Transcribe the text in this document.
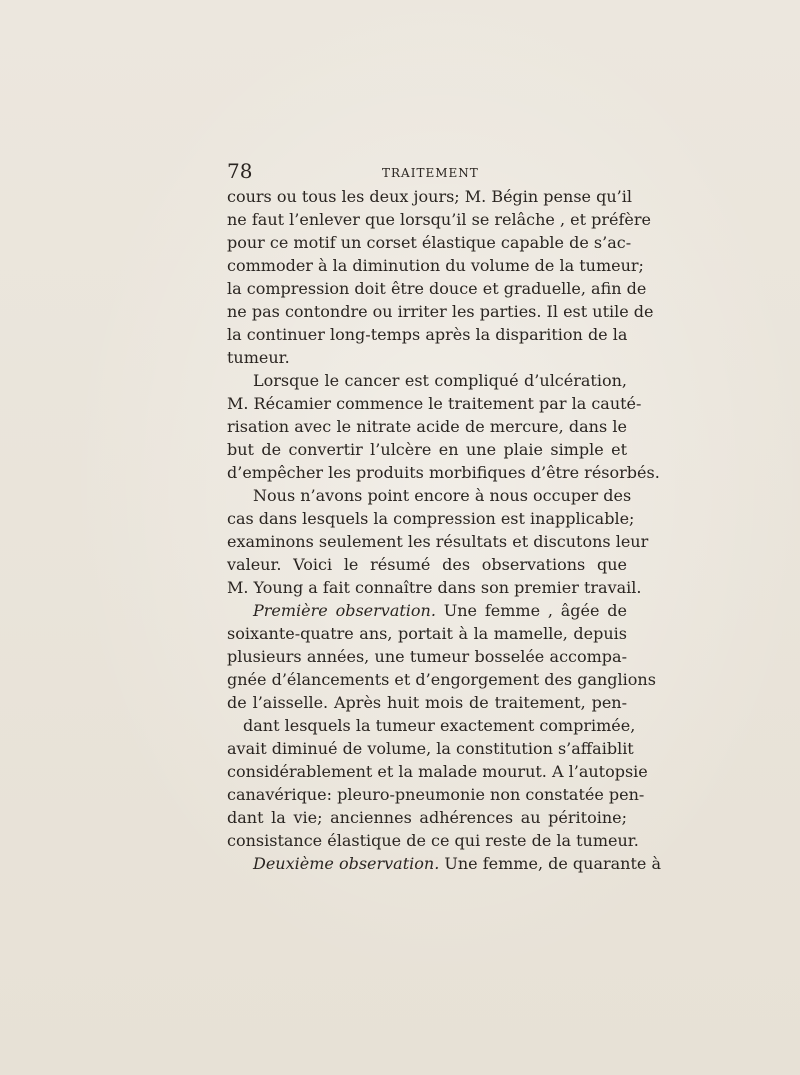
78	TRAITEMENT
cours ou tous les deux jours; M. Bégin pense qu’il
ne faut l’enlever que lorsqu’il se relâche , et préfère
pour ce motif un corset élastique capable de s’ac-
commoder à la diminution du volume de la tumeur;
la compression doit être douce et graduelle, afin de
ne pas contondre ou irriter les parties. Il est utile de
la continuer long-temps après la disparition de la
tumeur.
Lorsque le cancer est compliqué d’ulcération,
M. Récamier commence le traitement par la cauté-
risation avec le nitrate acide de mercure, dans le
but de convertir l’ulcère en une plaie simple et
d’empêcher les produits morbifiques d’être résorbés.
Nous n’avons point encore à nous occuper des
cas dans lesquels la compression est inapplicable;
examinons seulement les résultats et discutons leur
valeur. Voici le résumé des observations que
M. Young a fait connaître dans son premier travail.
Première observation. Une femme , âgée de
soixante-quatre ans, portait à la mamelle, depuis
plusieurs années, une tumeur bosselée accompa-
gnée d’élancements et d’engorgement des ganglions
de l’aisselle. Après huit mois de traitement, pen-
dant lesquels la tumeur exactement comprimée,
avait diminué de volume, la constitution s’affaiblit
considérablement et la malade mourut. A l’autopsie
canavérique: pleuro-pneumonie non constatée pen-
dant la vie; anciennes adhérences au péritoine;
consistance élastique de ce qui reste de la tumeur.
Deuxième observation. Une femme, de quarante à
